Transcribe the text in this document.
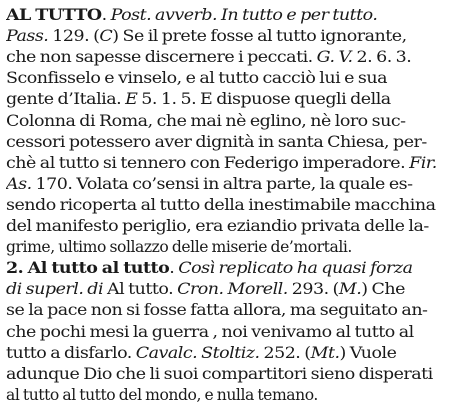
AL TUTTO. Post. avverb. In tutto e per tutto.
Pass. 129. (C) Se il prete fosse al tutto ignorante,
che non sapesse discernere i peccati. G. V. 2. 6. 3.
Sconfisselo e vinselo, e al tutto cacciò lui e sua
gente d’Italia. E 5. 1. 5. E dispuose quegli della
Colonna di Roma, che mai nè eglino, nè loro suc-
cessori potessero aver dignità in santa Chiesa, per-
chè al tutto si tennero con Federigo imperadore. Fir.
As. 170. Volata co’sensi in altra parte, la quale es-
sendo ricoperta al tutto della inestimabile macchina
del manifesto periglio, era eziandio privata delle la-
grime, ultimo sollazzo delle miserie de’mortali.
2. Al tutto al tutto. Così replicato ha quasi forza
di superl. di Al tutto. Cron. Morell. 293. (M.) Che
se la pace non si fosse fatta allora, ma seguitato an-
che pochi mesi la guerra , noi venivamo al tutto al
tutto a disfarlo. Cavalc. Stoltiz. 252. (Mt.) Vuole
adunque Dio che li suoi compartitori sieno disperati
al tutto al tutto del mondo, e nulla temano.
